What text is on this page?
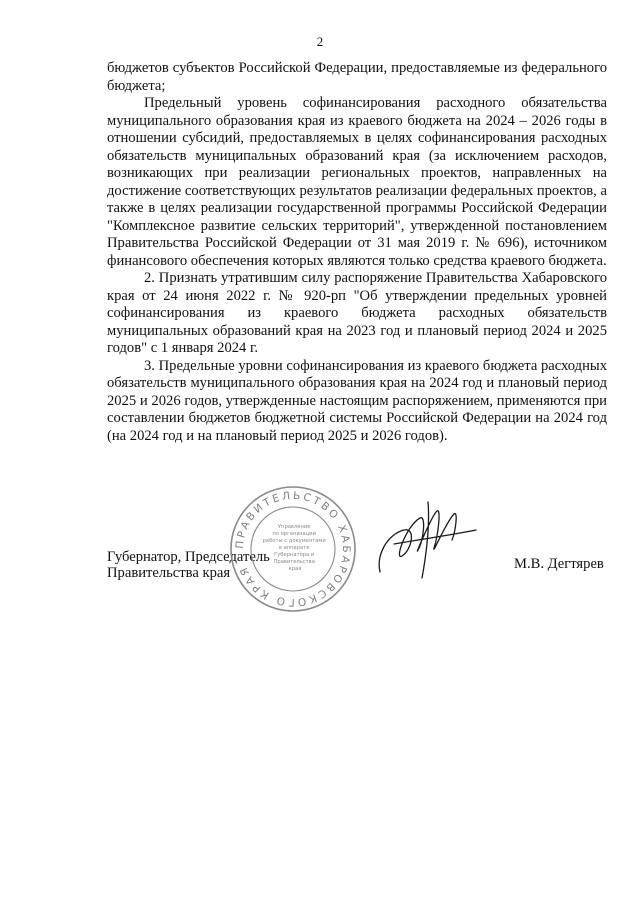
2

бюджетов субъектов Российской Федерации, предоставляемые из федерального бюджета;

Предельный уровень софинансирования расходного обязательства муниципального образования края из краевого бюджета на 2024 – 2026 годы в отношении субсидий, предоставляемых в целях софинансирования расходных обязательств муниципальных образований края (за исключением расходов, возникающих при реализации региональных проектов, направленных на достижение соответствующих результатов реализации федеральных проектов, а также в целях реализации государственной программы Российской Федерации "Комплексное развитие сельских территорий", утвержденной постановлением Правительства Российской Федерации от 31 мая 2019 г. № 696), источником финансового обеспечения которых являются только средства краевого бюджета.

2. Признать утратившим силу распоряжение Правительства Хабаровского края от 24 июня 2022 г. № 920-рп "Об утверждении предельных уровней софинансирования из краевого бюджета расходных обязательств муниципальных образований края на 2023 год и плановый период 2024 и 2025 годов" с 1 января 2024 г.

3. Предельные уровни софинансирования из краевого бюджета расходных обязательств муниципального образования края на 2024 год и плановый период 2025 и 2026 годов, утвержденные настоящим распоряжением, применяются при составлении бюджетов бюджетной системы Российской Федерации на 2024 год (на 2024 год и на плановый период 2025 и 2026 годов).

Губернатор, Председатель
Правительства края
ПРАВИТЕЛЬСТВО ХАБАРОВСКОГО КРАЯ
Управление по организации работы с документами в аппарате Губернатора и Правительства края	М.В. Дегтярев
